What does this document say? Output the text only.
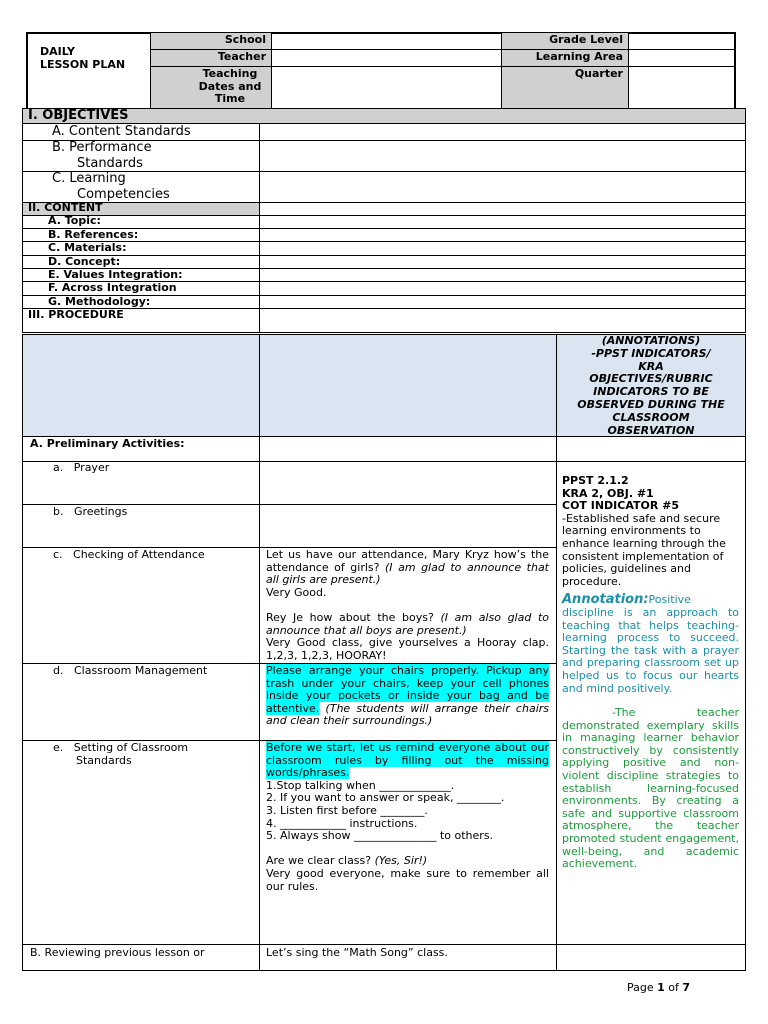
DAILY
LESSON PLAN
School
Teacher
Teaching Dates and Time
Grade Level
Learning Area
Quarter
I. OBJECTIVES
A. Content Standards
B. Performance
Standards
C. Learning
Competencies
II. CONTENT
A. Topic:
B. References:
C. Materials:
D. Concept:
E. Values Integration:
F. Across Integration
G. Methodology:
III. PROCEDURE
(ANNOTATIONS)
-PPST INDICATORS/
KRA
OBJECTIVES/RUBRIC
INDICATORS TO BE
OBSERVED DURING THE
CLASSROOM
OBSERVATION
A. Preliminary Activities:
a.   Prayer
b.   Greetings
c.   Checking of Attendance
d.   Classroom Management
e.   Setting of Classroom
Standards
B. Reviewing previous lesson or
Let us have our attendance, Mary Kryz how’s the attendance of girls? (I am glad to announce that all girls are present.)
Very Good.

Rey Je how about the boys? (I am also glad to announce that all boys are present.)
Very Good class, give yourselves a Hooray clap. 1,2,3, 1,2,3, HOORAY!
Please arrange your chairs properly. Pickup any trash under your chairs, keep your cell phones inside your pockets or inside your bag and be attentive. (The students will arrange their chairs and clean their surroundings.)
Before we start, let us remind everyone about our classroom rules by filling out the missing words/phrases.
1.Stop talking when _____________.
2. If you want to answer or speak, ________.
3. Listen first before ________.
4. ____________ instructions.
5. Always show _______________ to others.

Are we clear class? (Yes, Sir!)
Very good everyone, make sure to remember all our rules.
Let’s sing the “Math Song” class.
PPST 2.1.2
KRA 2, OBJ. #1
COT INDICATOR #5
-Established safe and secure learning environments to enhance learning through the consistent implementation of policies, guidelines and procedure.
Annotation:Positive discipline is an approach to teaching that helps teaching-learning process to succeed. Starting the task with a prayer and preparing classroom set up helped us to focus our hearts and mind positively.
-The teacher demonstrated exemplary skills in managing learner behavior constructively by consistently applying positive and non-violent discipline strategies to establish learning-focused environments. By creating a safe and supportive classroom atmosphere, the teacher promoted student engagement, well-being, and academic achievement.
Page 1 of 7
